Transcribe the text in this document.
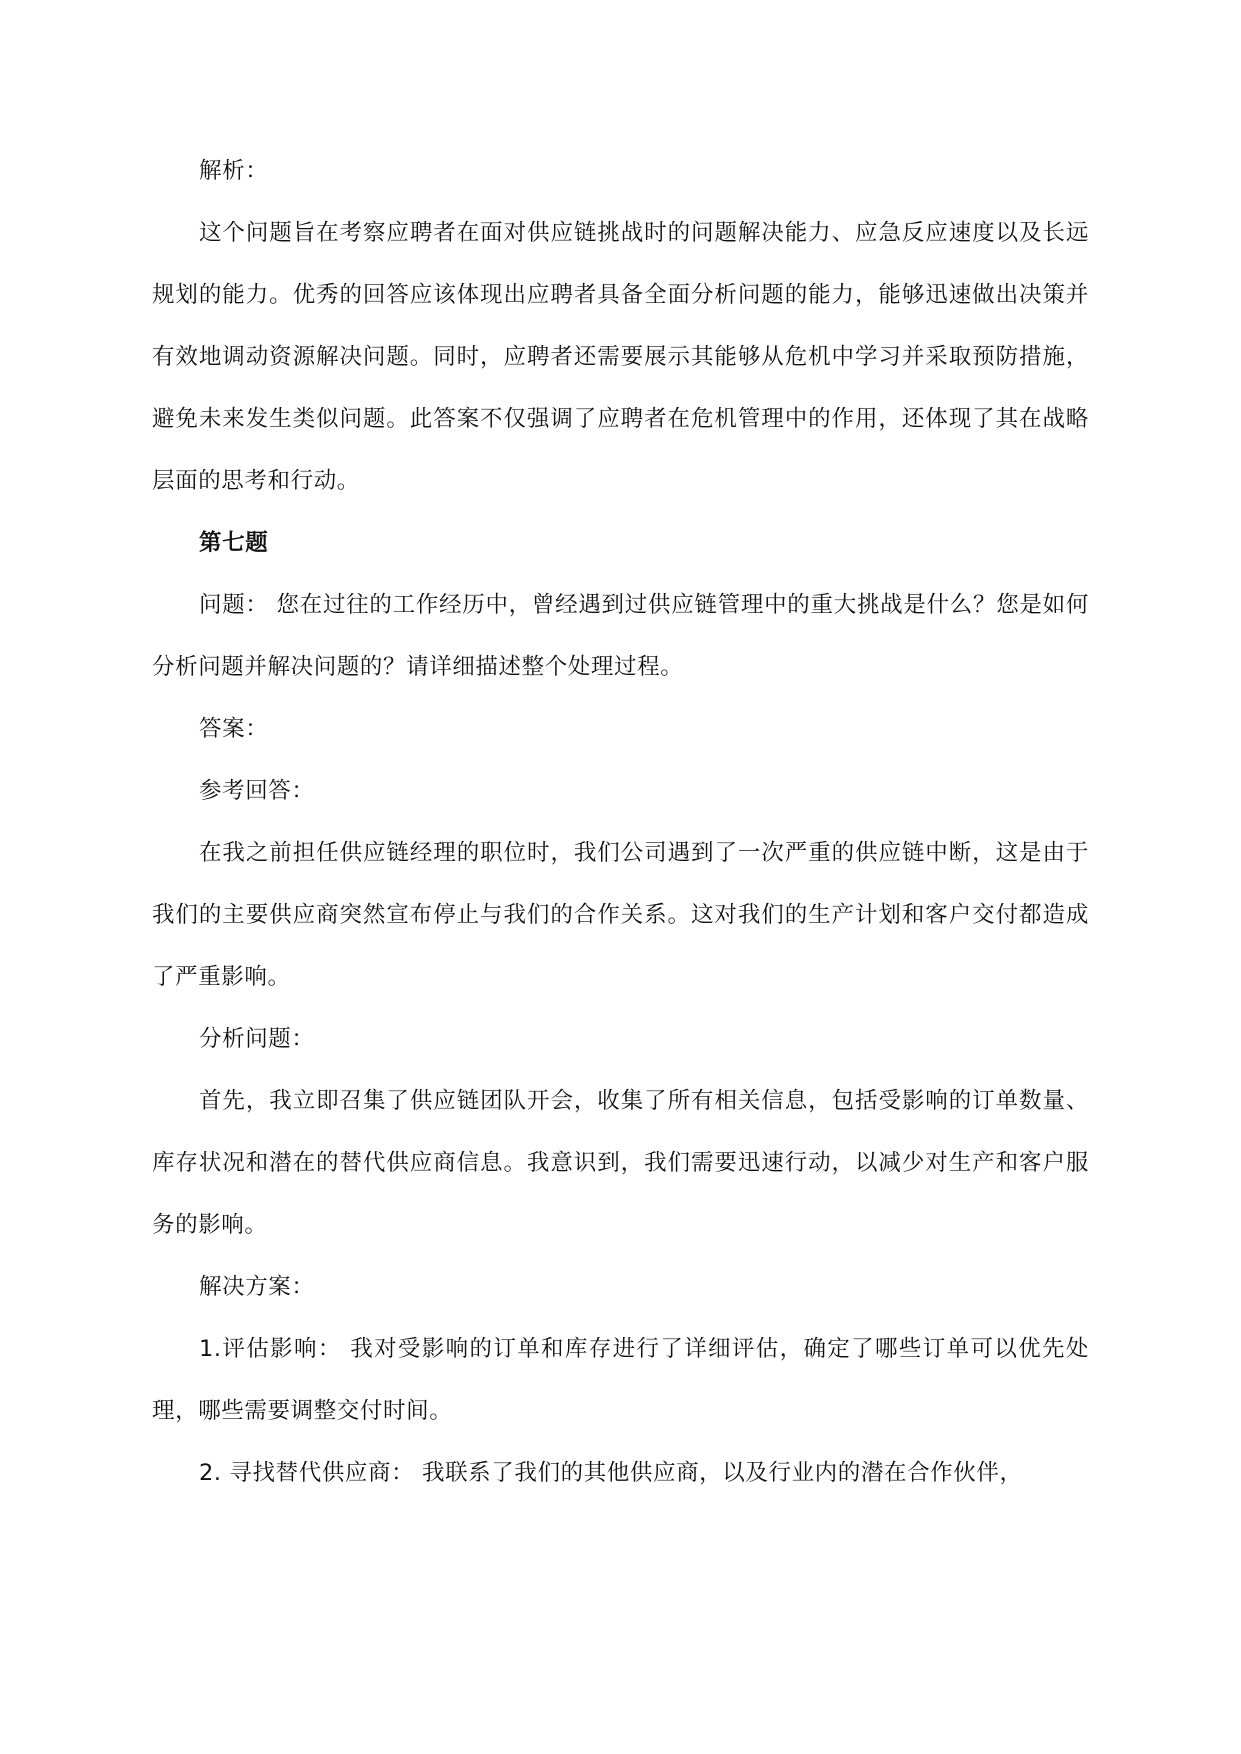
解析：

这个问题旨在考察应聘者在面对供应链挑战时的问题解决能力、应急反应速度以及长远规划的能力。优秀的回答应该体现出应聘者具备全面分析问题的能力，能够迅速做出决策并有效地调动资源解决问题。同时，应聘者还需要展示其能够从危机中学习并采取预防措施，避免未来发生类似问题。此答案不仅强调了应聘者在危机管理中的作用，还体现了其在战略层面的思考和行动。

第七题

问题： 您在过往的工作经历中，曾经遇到过供应链管理中的重大挑战是什么？您是如何分析问题并解决问题的？请详细描述整个处理过程。

答案：

参考回答：

在我之前担任供应链经理的职位时，我们公司遇到了一次严重的供应链中断，这是由于我们的主要供应商突然宣布停止与我们的合作关系。这对我们的生产计划和客户交付都造成了严重影响。

分析问题：

首先，我立即召集了供应链团队开会，收集了所有相关信息，包括受影响的订单数量、库存状况和潜在的替代供应商信息。我意识到，我们需要迅速行动，以减少对生产和客户服务的影响。

解决方案：

1.评估影响： 我对受影响的订单和库存进行了详细评估，确定了哪些订单可以优先处理，哪些需要调整交付时间。

2. 寻找替代供应商： 我联系了我们的其他供应商，以及行业内的潜在合作伙伴，
